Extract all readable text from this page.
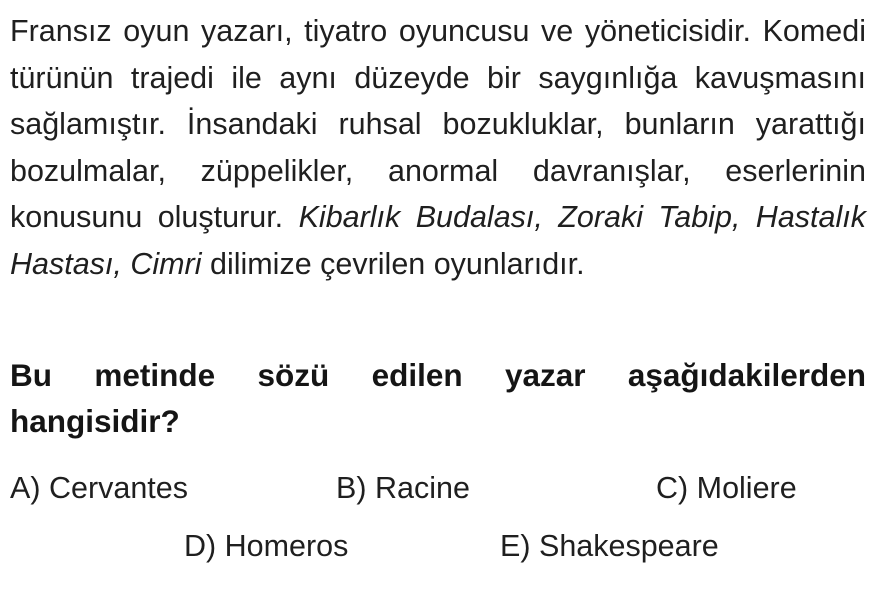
Fransız oyun yazarı, tiyatro oyuncusu ve yöneticisidir. Komedi türünün trajedi ile aynı düzeyde bir saygınlığa kavuşmasını sağlamıştır. İnsandaki ruhsal bozukluklar, bunların yarattığı bozulmalar, züppelikler, anormal davranışlar, eserlerinin konusunu oluşturur. Kibarlık Budalası, Zoraki Tabip, Hastalık Hastası, Cimri dilimize çevrilen oyunlarıdır.

Bu metinde sözü edilen yazar aşağıdakilerden hangisidir?

A) Cervantes	B) Racine	C) Moliere
D) Homeros	E) Shakespeare
